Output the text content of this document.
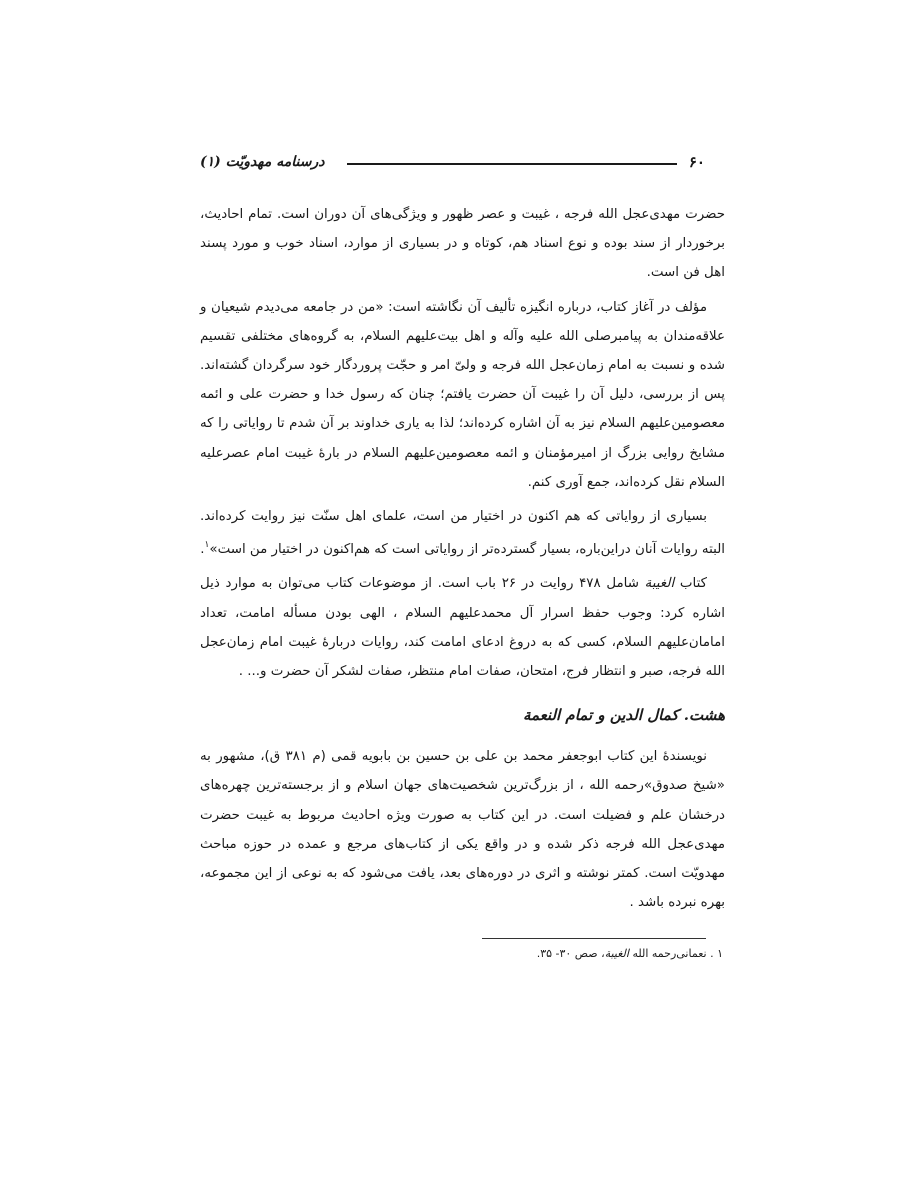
۶۰
درسنامه مهدویّت (۱)

حضرت مهدی‌عجل الله فرجه ، غیبت و عصر ظهور و ویژگی‌های آن دوران است. تمام احادیث، برخوردار از سند بوده و نوع اسناد هم، کوتاه و در بسیاری از موارد، اسناد خوب و مورد پسند اهل فن است.

مؤلف در آغاز کتاب، درباره انگیزه تألیف آن نگاشته است: «من در جامعه می‌دیدم شیعیان و علاقه‌مندان به پیامبرصلی الله علیه وآله و اهل بیت‌علیهم السلام، به گروه‌های مختلفی تقسیم شده و نسبت به امام زمان‌عجل الله فرجه و ولیّ امر و حجّت پروردگار خود سرگردان گشته‌اند. پس از بررسی، دلیل آن را غیبت آن حضرت یافتم؛ چنان که رسول خدا و حضرت علی و ائمه معصومین‌علیهم السلام نیز به آن اشاره کرده‌اند؛ لذا به یاری خداوند بر آن شدم تا روایاتی را که مشایخ روایی بزرگ از امیرمؤمنان و ائمه معصومین‌علیهم السلام در بارهٔ غیبت امام عصرعلیه السلام نقل کرده‌اند، جمع آوری کنم.

بسیاری از روایاتی که هم اکنون در اختیار من است، علمای اهل سنّت نیز روایت کرده‌اند. البته روایات آنان دراین‌باره، بسیار گسترده‌تر از روایاتی است که هم‌اکنون در اختیار من است»$^۱$.

کتاب الغیبة شامل ۴۷۸ روایت در ۲۶ باب است. از موضوعات کتاب می‌توان به موارد ذیل اشاره کرد: وجوب حفظ اسرار آل محمدعلیهم السلام ، الهی بودن مسأله امامت، تعداد امامان‌علیهم السلام، کسی که به دروغ ادعای امامت کند، روایات دربارهٔ غیبت امام زمان‌عجل الله فرجه، صبر و انتظار فرج، امتحان، صفات امام منتظر، صفات لشکر آن حضرت و... .

هشت. کمال الدین و تمام النعمة

نویسندهٔ این کتاب ابوجعفر محمد بن علی بن حسین بن بابویه قمی (م ۳۸۱ ق)، مشهور به «شیخ صدوق»رحمه الله ، از بزرگ‌ترین شخصیت‌های جهان اسلام و از برجسته‌ترین چهره‌های درخشان علم و فضیلت است. در این کتاب به صورت ویژه احادیث مربوط به غیبت حضرت مهدی‌عجل الله فرجه ذکر شده و در واقع یکی از کتاب‌های مرجع و عمده در حوزه مباحث مهدویّت است. کمتر نوشته و اثری در دوره‌های بعد، یافت می‌شود که به نوعی از این مجموعه، بهره نبرده باشد .

۱ . نعمانی‌رحمه الله الغیبة، صص ۳۰- ۳۵.
